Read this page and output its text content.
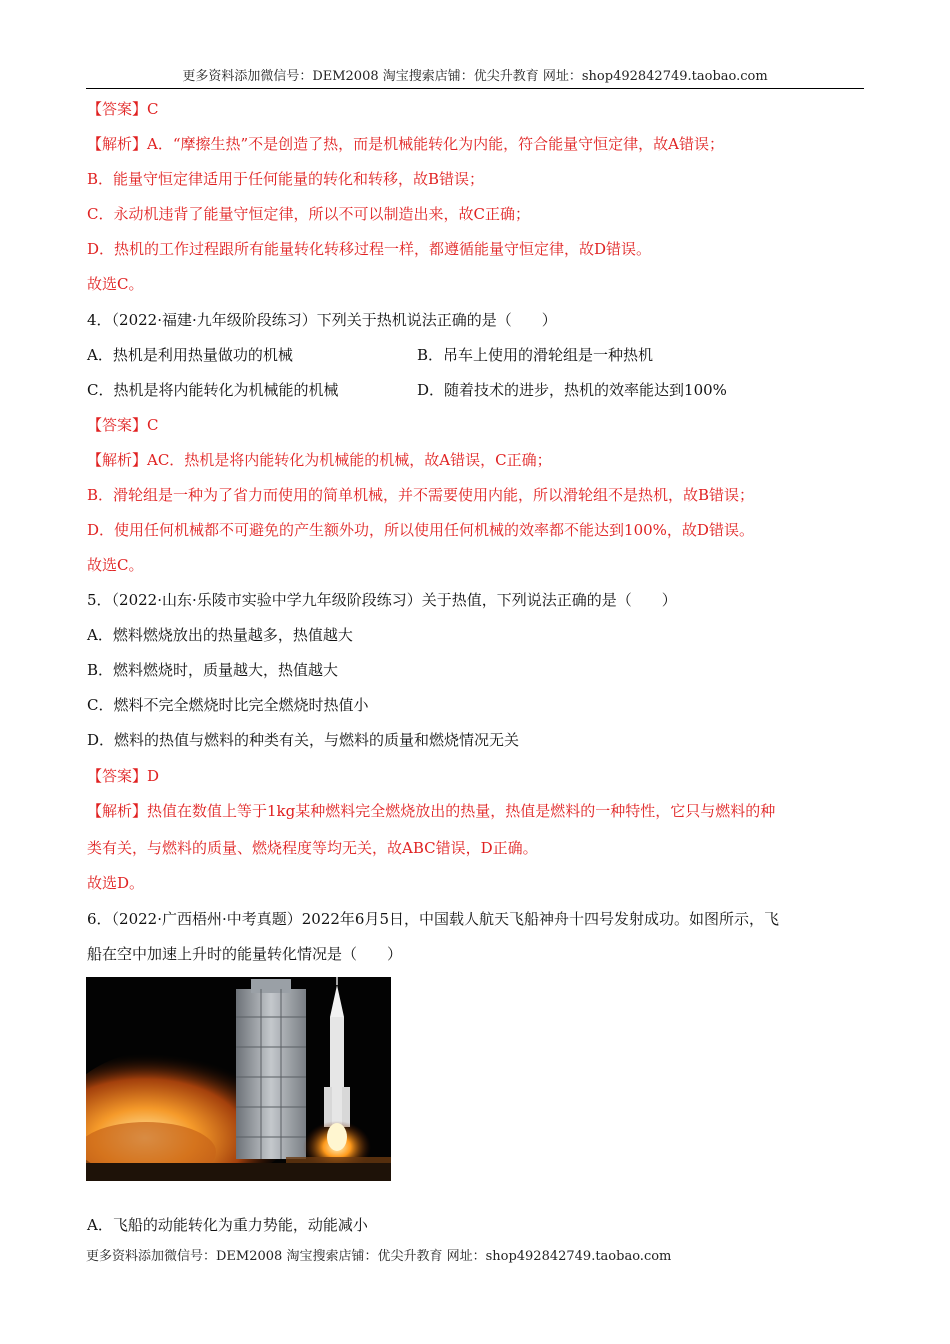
更多资料添加微信号：DEM2008 淘宝搜索店铺：优尖升教育 网址：shop492842749.taobao.com
【答案】C
【解析】A．“摩擦生热”不是创造了热，而是机械能转化为内能，符合能量守恒定律，故A错误；
B．能量守恒定律适用于任何能量的转化和转移，故B错误；
C．永动机违背了能量守恒定律，所以不可以制造出来，故C正确；
D．热机的工作过程跟所有能量转化转移过程一样，都遵循能量守恒定律，故D错误。
故选C。
4．（2022·福建·九年级阶段练习）下列关于热机说法正确的是（　　）
A．热机是利用热量做功的机械	B．吊车上使用的滑轮组是一种热机
C．热机是将内能转化为机械能的机械	D．随着技术的进步，热机的效率能达到100%
【答案】C
【解析】AC．热机是将内能转化为机械能的机械，故A错误，C正确；
B．滑轮组是一种为了省力而使用的简单机械，并不需要使用内能，所以滑轮组不是热机，故B错误；
D．使用任何机械都不可避免的产生额外功，所以使用任何机械的效率都不能达到100%，故D错误。
故选C。
5．（2022·山东·乐陵市实验中学九年级阶段练习）关于热值，下列说法正确的是（　　）
A．燃料燃烧放出的热量越多，热值越大
B．燃料燃烧时，质量越大，热值越大
C．燃料不完全燃烧时比完全燃烧时热值小
D．燃料的热值与燃料的种类有关，与燃料的质量和燃烧情况无关
【答案】D
【解析】热值在数值上等于1kg某种燃料完全燃烧放出的热量，热值是燃料的一种特性，它只与燃料的种
类有关，与燃料的质量、燃烧程度等均无关，故ABC错误，D正确。
故选D。
6．（2022·广西梧州·中考真题）2022年6月5日，中国载人航天飞船神舟十四号发射成功。如图所示，飞
船在空中加速上升时的能量转化情况是（　　）
A．飞船的动能转化为重力势能，动能减小
更多资料添加微信号：DEM2008 淘宝搜索店铺：优尖升教育 网址：shop492842749.taobao.com
